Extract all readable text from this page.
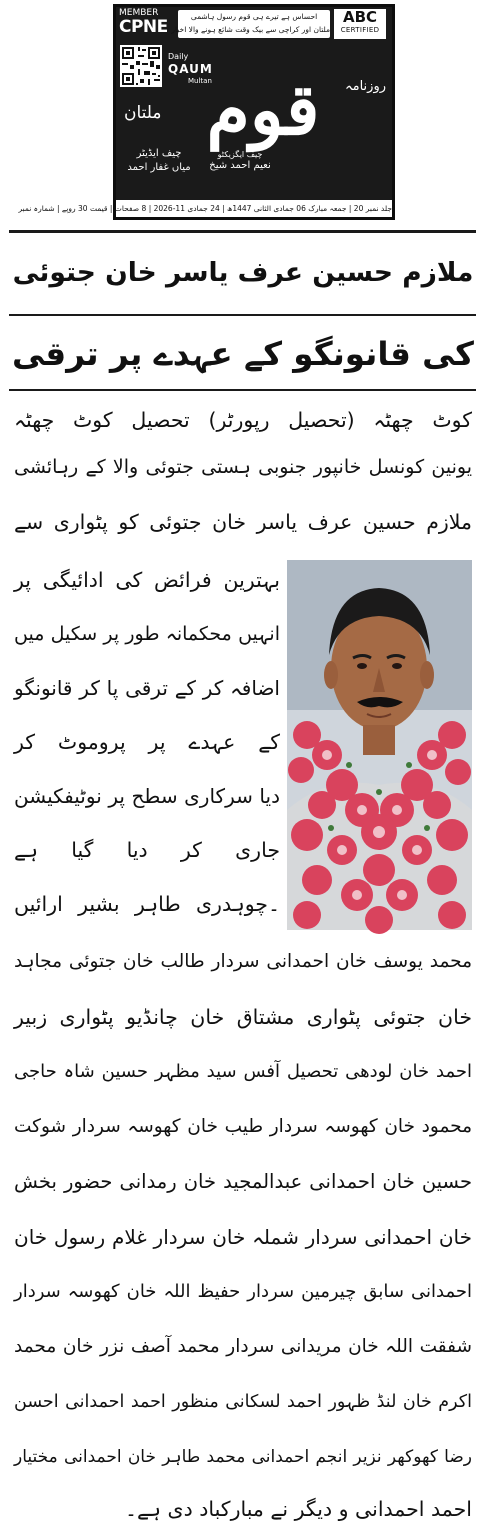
MEMBER
CPNE
احساس ہے تیرے ہی قوم رسول ہاشمی
ملتان اور کراچی سے بیک وقت شائع ہونے والا اخبار
ABC
CERTIFIED
Daily
QAUM
Multan
قوم	روزنامہ
ملتان
چیف ایگزیکٹو
نعیم احمد شیخ
چیف ایڈیٹر
میاں غفار احمد
جلد نمبر 20 | جمعہ مبارک 06 جمادی الثانی 1447ھ | 24 جمادی 11-2026 | 8 صفحات | قیمت 30 روپے | شمارہ نمبر
ملازم حسین عرف یاسر خان جتوئی
کی قانونگو کے عہدے پر ترقی
کوٹ چھٹہ (تحصیل رپورٹر) تحصیل کوٹ چھٹہ
یونین کونسل خانپور جنوبی ہستی جتوئی والا کے رہائشی
ملازم حسین عرف یاسر خان جتوئی کو پٹواری سے
بہترین فرائض کی ادائیگی پر
انہیں محکمانہ طور پر سکیل میں
اضافہ کر کے ترقی پا کر قانونگو
کے عہدے پر پروموٹ کر
دیا سرکاری سطح پر نوٹیفکیشن
جاری کر دیا گیا ہے
۔چوہدری طاہر بشیر ارائیں
محمد یوسف خان احمدانی سردار طالب خان جتوئی مجاہد
خان جتوئی پٹواری مشتاق خان چانڈیو پٹواری زبیر
احمد خان لودھی تحصیل آفس سید مظہر حسین شاہ حاجی
محمود خان کھوسہ سردار طیب خان کھوسہ سردار شوکت
حسین خان احمدانی عبدالمجید خان رمدانی حضور بخش
خان احمدانی سردار شملہ خان سردار غلام رسول خان
احمدانی سابق چیرمین سردار حفیظ اللہ خان کھوسہ سردار
شفقت اللہ خان مریدانی سردار محمد آصف نزر خان محمد
اکرم خان لنڈ ظہور احمد لسکانی منظور احمد احمدانی احسن
رضا کھوکھر نزیر انجم احمدانی محمد طاہر خان احمدانی مختیار
احمد احمدانی و دیگر نے مبارکباد دی ہے۔
